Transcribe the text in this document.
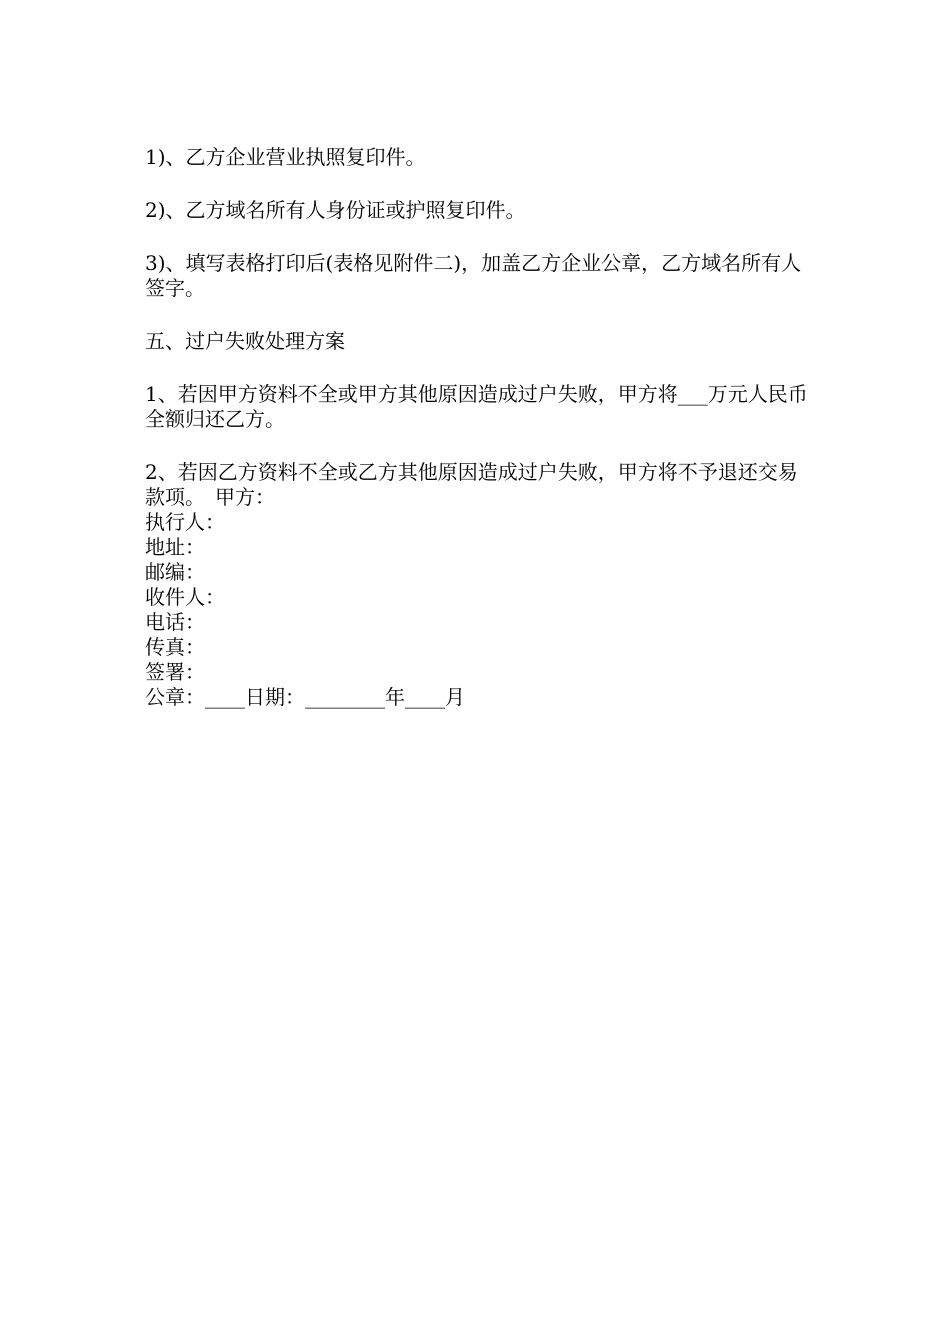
1)、乙方企业营业执照复印件。

2)、乙方域名所有人身份证或护照复印件。

3)、填写表格打印后(表格见附件二)，加盖乙方企业公章，乙方域名所有人签字。

五、过户失败处理方案

1、若因甲方资料不全或甲方其他原因造成过户失败，甲方将___万元人民币全额归还乙方。

2、若因乙方资料不全或乙方其他原因造成过户失败，甲方将不予退还交易款项。　甲方：

执行人：

地址：

邮编：

收件人：

电话：

传真：

签署：

公章：____日期：________年____月
